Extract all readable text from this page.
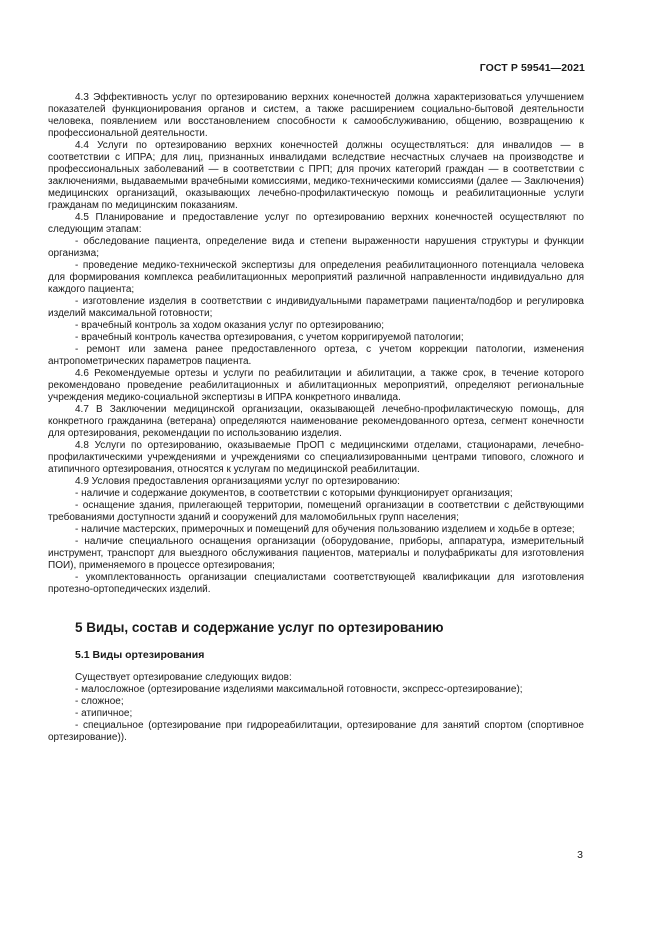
ГОСТ Р 59541—2021

4.3 Эффективность услуг по ортезированию верхних конечностей должна характеризоваться улучшением показателей функционирования органов и систем, а также расширением социально-бытовой деятельности человека, появлением или восстановлением способности к самообслуживанию, общению, возвращению к профессиональной деятельности.

4.4 Услуги по ортезированию верхних конечностей должны осуществляться: для инвалидов — в соответствии с ИПРА; для лиц, признанных инвалидами вследствие несчастных случаев на производстве и профессиональных заболеваний — в соответствии с ПРП; для прочих категорий граждан — в соответствии с заключениями, выдаваемыми врачебными комиссиями, медико-техническими комиссиями (далее — Заключения) медицинских организаций, оказывающих лечебно-профилактическую помощь и реабилитационные услуги гражданам по медицинским показаниям.

4.5 Планирование и предоставление услуг по ортезированию верхних конечностей осуществляют по следующим этапам:

- обследование пациента, определение вида и степени выраженности нарушения структуры и функции организма;

- проведение медико-технической экспертизы для определения реабилитационного потенциала человека для формирования комплекса реабилитационных мероприятий различной направленности индивидуально для каждого пациента;

- изготовление изделия в соответствии с индивидуальными параметрами пациента/подбор и регулировка изделий максимальной готовности;

- врачебный контроль за ходом оказания услуг по ортезированию;

- врачебный контроль качества ортезирования, с учетом корригируемой патологии;

- ремонт или замена ранее предоставленного ортеза, с учетом коррекции патологии, изменения антропометрических параметров пациента.

4.6 Рекомендуемые ортезы и услуги по реабилитации и абилитации, а также срок, в течение которого рекомендовано проведение реабилитационных и абилитационных мероприятий, определяют региональные учреждения медико-социальной экспертизы в ИПРА конкретного инвалида.

4.7 В Заключении медицинской организации, оказывающей лечебно-профилактическую помощь, для конкретного гражданина (ветерана) определяются наименование рекомендованного ортеза, сегмент конечности для ортезирования, рекомендации по использованию изделия.

4.8 Услуги по ортезированию, оказываемые ПрОП с медицинскими отделами, стационарами, лечебно-профилактическими учреждениями и учреждениями со специализированными центрами типового, сложного и атипичного ортезирования, относятся к услугам по медицинской реабилитации.

4.9 Условия предоставления организациями услуг по ортезированию:

- наличие и содержание документов, в соответствии с которыми функционирует организация;

- оснащение здания, прилегающей территории, помещений организации в соответствии с действующими требованиями доступности зданий и сооружений для маломобильных групп населения;

- наличие мастерских, примерочных и помещений для обучения пользованию изделием и ходьбе в ортезе;

- наличие специального оснащения организации (оборудование, приборы, аппаратура, измерительный инструмент, транспорт для выездного обслуживания пациентов, материалы и полуфабрикаты для изготовления ПОИ), применяемого в процессе ортезирования;

- укомплектованность организации специалистами соответствующей квалификации для изготовления протезно-ортопедических изделий.

5 Виды, состав и содержание услуг по ортезированию
5.1 Виды ортезирования

Существует ортезирование следующих видов:

- малосложное (ортезирование изделиями максимальной готовности, экспресс-ортезирование);

- сложное;

- атипичное;

- специальное (ортезирование при гидрореабилитации, ортезирование для занятий спортом (спортивное ортезирование)).

3
